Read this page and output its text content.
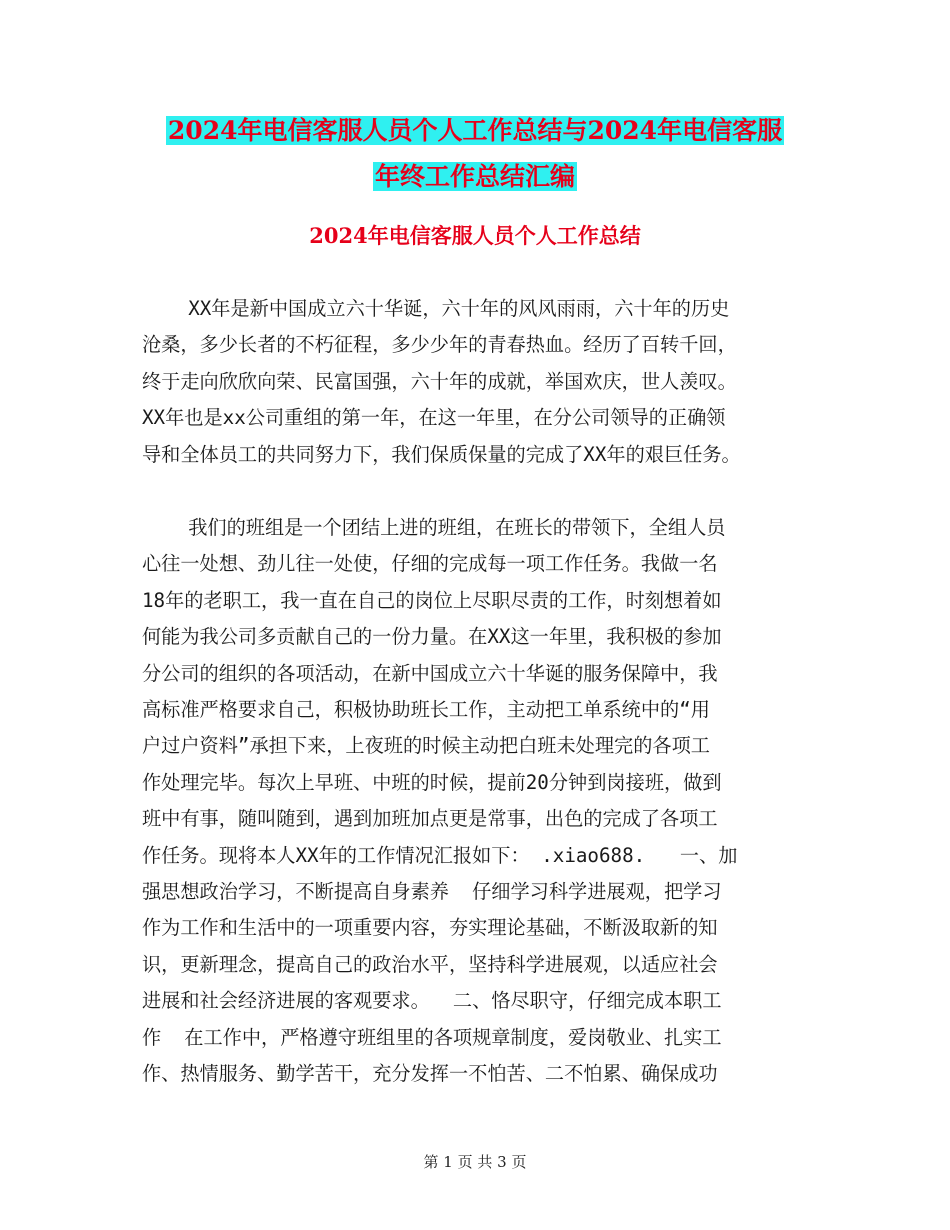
2024年电信客服人员个人工作总结与2024年电信客服
年终工作总结汇编
2024年电信客服人员个人工作总结
XX年是新中国成立六十华诞，六十年的风风雨雨，六十年的历史
沧桑，多少长者的不朽征程，多少少年的青春热血。经历了百转千回，
终于走向欣欣向荣、民富国强，六十年的成就，举国欢庆，世人羡叹。
XX年也是xx公司重组的第一年，在这一年里，在分公司领导的正确领
导和全体员工的共同努力下，我们保质保量的完成了XX年的艰巨任务。
我们的班组是一个团结上进的班组，在班长的带领下，全组人员
心往一处想、劲儿往一处使，仔细的完成每一项工作任务。我做一名
18年的老职工，我一直在自己的岗位上尽职尽责的工作，时刻想着如
何能为我公司多贡献自己的一份力量。在XX这一年里，我积极的参加
分公司的组织的各项活动，在新中国成立六十华诞的服务保障中，我
高标准严格要求自己，积极协助班长工作，主动把工单系统中的“用
户过户资料”承担下来，上夜班的时候主动把白班未处理完的各项工
作处理完毕。每次上早班、中班的时候，提前20分钟到岗接班，做到
班中有事，随叫随到，遇到加班加点更是常事，出色的完成了各项工
作任务。现将本人XX年的工作情况汇报如下： .xiao688.   一、加
强思想政治学习，不断提高自身素养  仔细学习科学进展观，把学习
作为工作和生活中的一项重要内容，夯实理论基础，不断汲取新的知
识，更新理念，提高自己的政治水平，坚持科学进展观，以适应社会
进展和社会经济进展的客观要求。  二、恪尽职守，仔细完成本职工
作  在工作中，严格遵守班组里的各项规章制度，爱岗敬业、扎实工
作、热情服务、勤学苦干，充分发挥一不怕苦、二不怕累、确保成功
第 1 页 共 3 页
